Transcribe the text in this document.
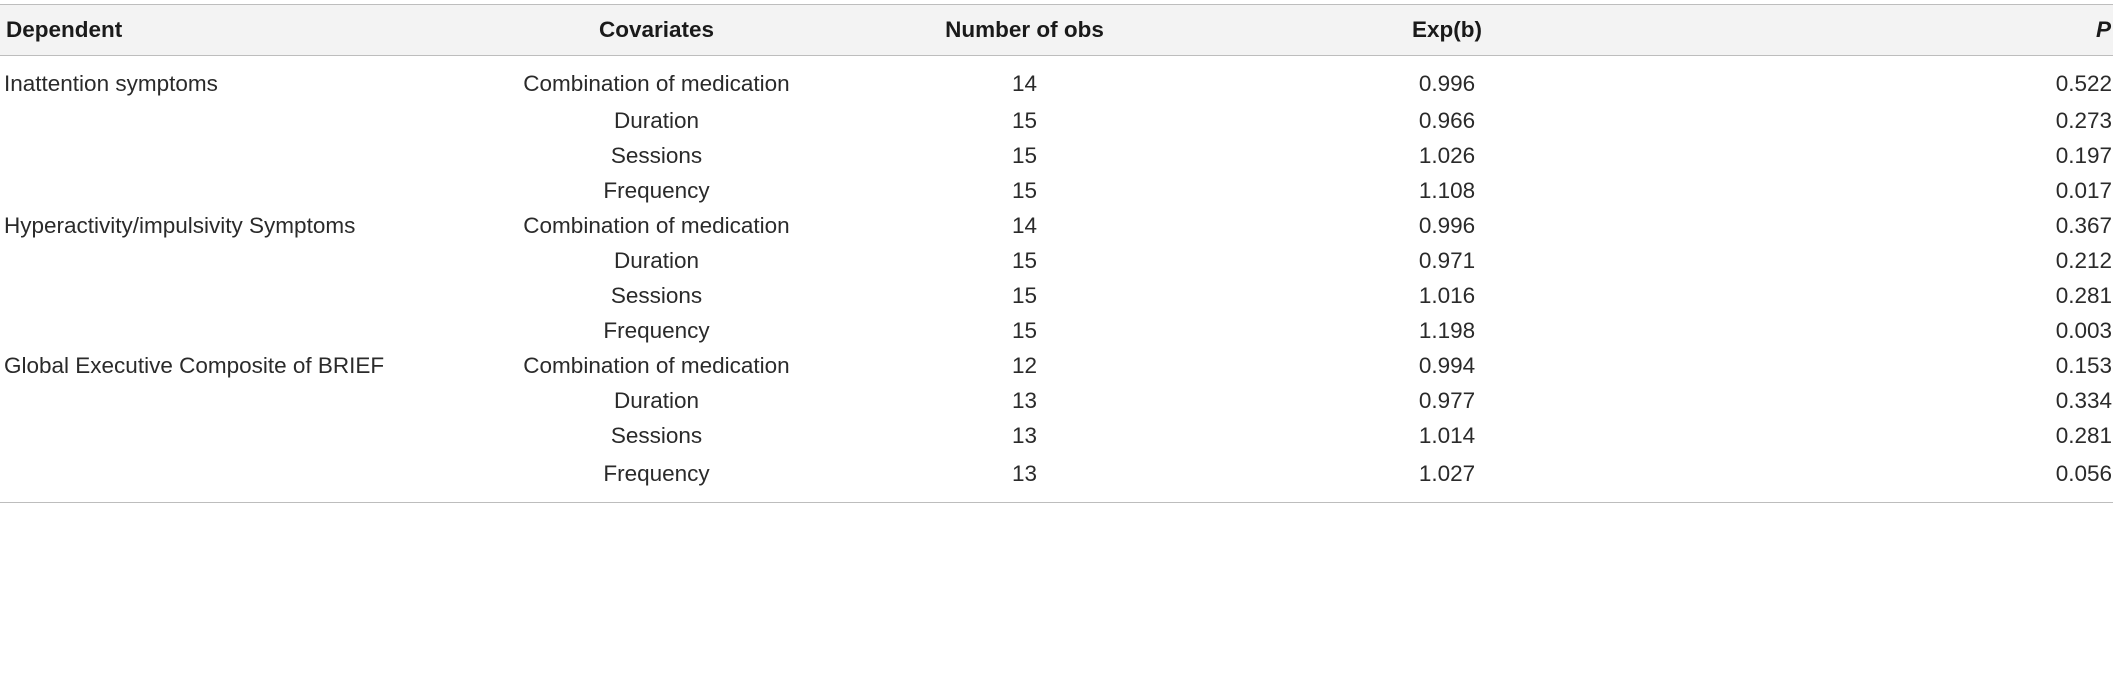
Dependent	Covariates	Number of obs	Exp(b)	P
Inattention symptoms	Combination of medication	14	0.996	0.522
	Duration	15	0.966	0.273
	Sessions	15	1.026	0.197
	Frequency	15	1.108	0.017
Hyperactivity/impulsivity Symptoms	Combination of medication	14	0.996	0.367
	Duration	15	0.971	0.212
	Sessions	15	1.016	0.281
	Frequency	15	1.198	0.003
Global Executive Composite of BRIEF	Combination of medication	12	0.994	0.153
	Duration	13	0.977	0.334
	Sessions	13	1.014	0.281
	Frequency	13	1.027	0.056
